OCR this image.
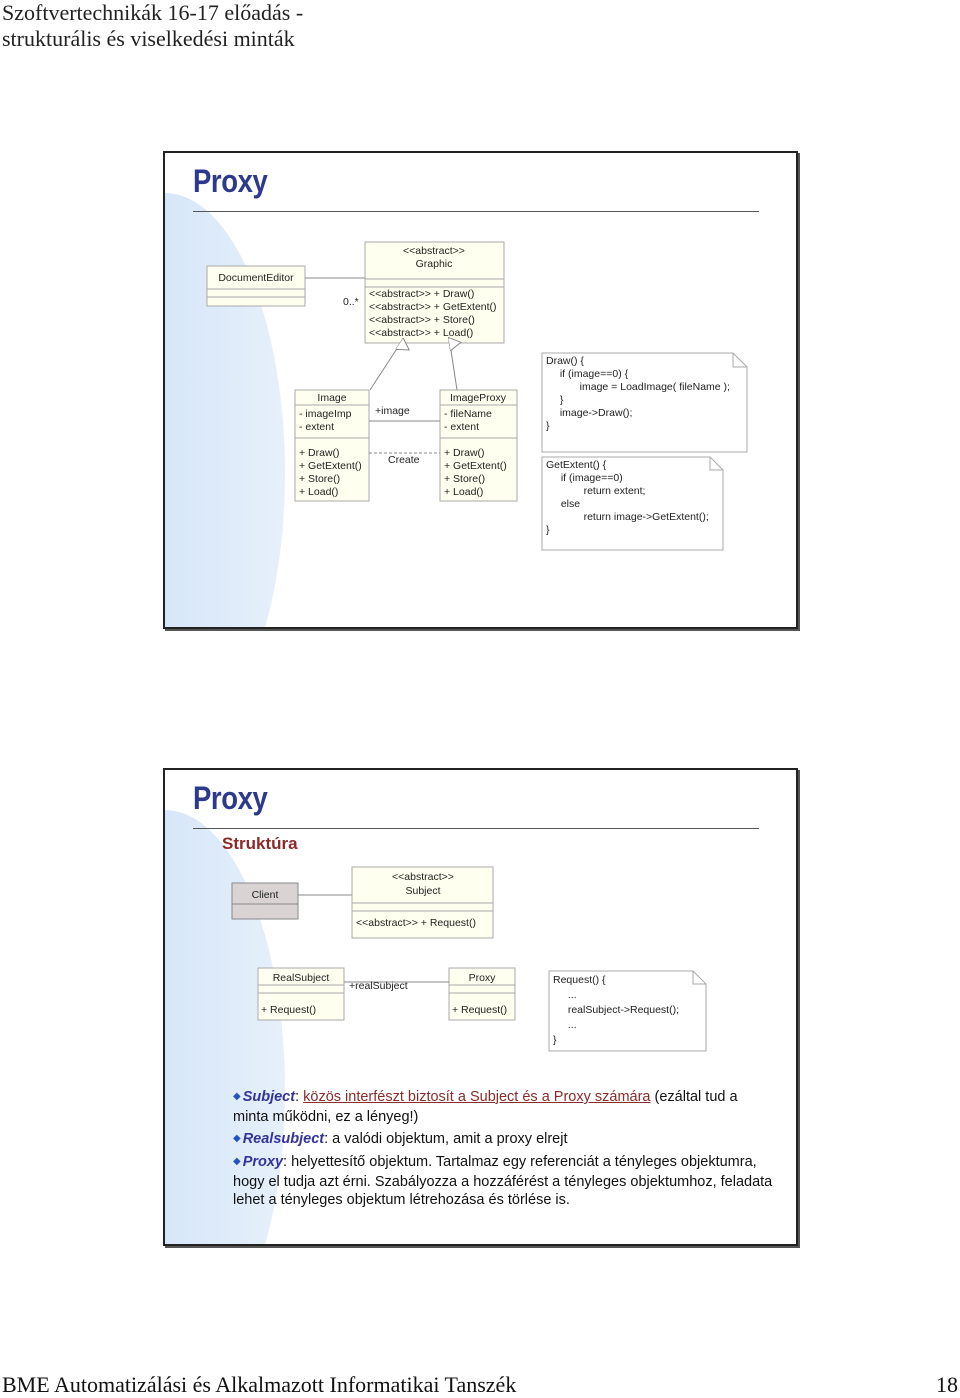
Szoftvertechnikák 16-17 előadás -
strukturális és viselkedési minták
Proxy
DocumentEditor
0..*
<<abstract>>
Graphic
<<abstract>> + Draw()
<<abstract>> + GetExtent()
<<abstract>> + Store()
<<abstract>> + Load()
Image
- imageImp
- extent
+ Draw()
+ GetExtent()
+ Store()
+ Load()
ImageProxy
- fileName
- extent
+ Draw()
+ GetExtent()
+ Store()
+ Load()
+image
Create
Draw() {
if (image==0) {
image = LoadImage( fileName );
}
image->Draw();
}
GetExtent() {
if (image==0)
return extent;
else
return image->GetExtent();
}
Proxy
Struktúra
Client
<<abstract>>
Subject
<<abstract>> + Request()
RealSubject
+ Request()
Proxy
+ Request()
+realSubject	Request() {
...
realSubject->Request();
...
}
◆ Subject: közös interfészt biztosít a Subject és a Proxy számára (ezáltal tud a minta működni, ez a lényeg!)
◆ Realsubject: a valódi objektum, amit a proxy elrejt
◆ Proxy: helyettesítő objektum. Tartalmaz egy referenciát a tényleges objektumra, hogy el tudja azt érni. Szabályozza a hozzáférést a tényleges objektumhoz, feladata lehet a tényleges objektum létrehozása és törlése is.
BME Automatizálási és Alkalmazott Informatikai Tanszék	18
